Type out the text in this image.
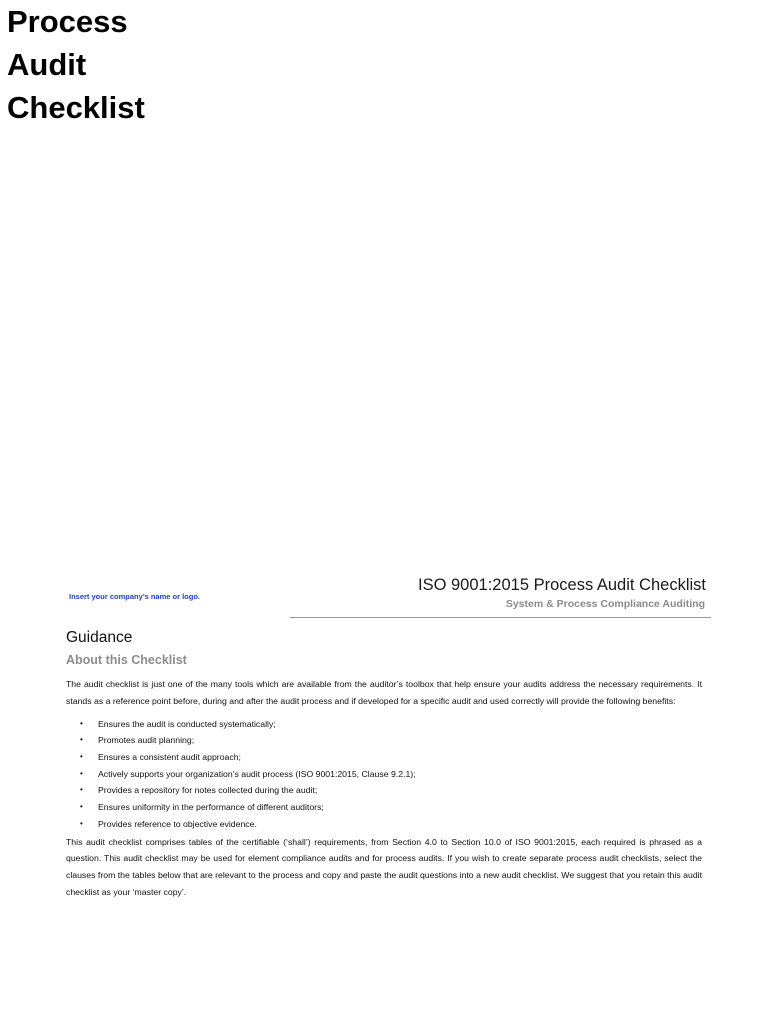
Process
Audit
Checklist
Insert your company’s name or logo.
ISO 9001:2015 Process Audit Checklist
System & Process Compliance Auditing
Guidance
About this Checklist

The audit checklist is just one of the many tools which are available from the auditor’s toolbox that help ensure your audits address the necessary requirements. It stands as a reference point before, during and after the audit process and if developed for a specific audit and used correctly will provide the following benefits:

• Ensures the audit is conducted systematically;
• Promotes audit planning;
• Ensures a consistent audit approach;
• Actively supports your organization’s audit process (ISO 9001:2015, Clause 9.2.1);
• Provides a repository for notes collected during the audit;
• Ensures uniformity in the performance of different auditors;
• Provides reference to objective evidence.

This audit checklist comprises tables of the certifiable (‘shall’) requirements, from Section 4.0 to Section 10.0 of ISO 9001:2015, each required is phrased as a question. This audit checklist may be used for element compliance audits and for process audits. If you wish to create separate process audit checklists, select the clauses from the tables below that are relevant to the process and copy and paste the audit questions into a new audit checklist. We suggest that you retain this audit checklist as your ‘master copy’.
